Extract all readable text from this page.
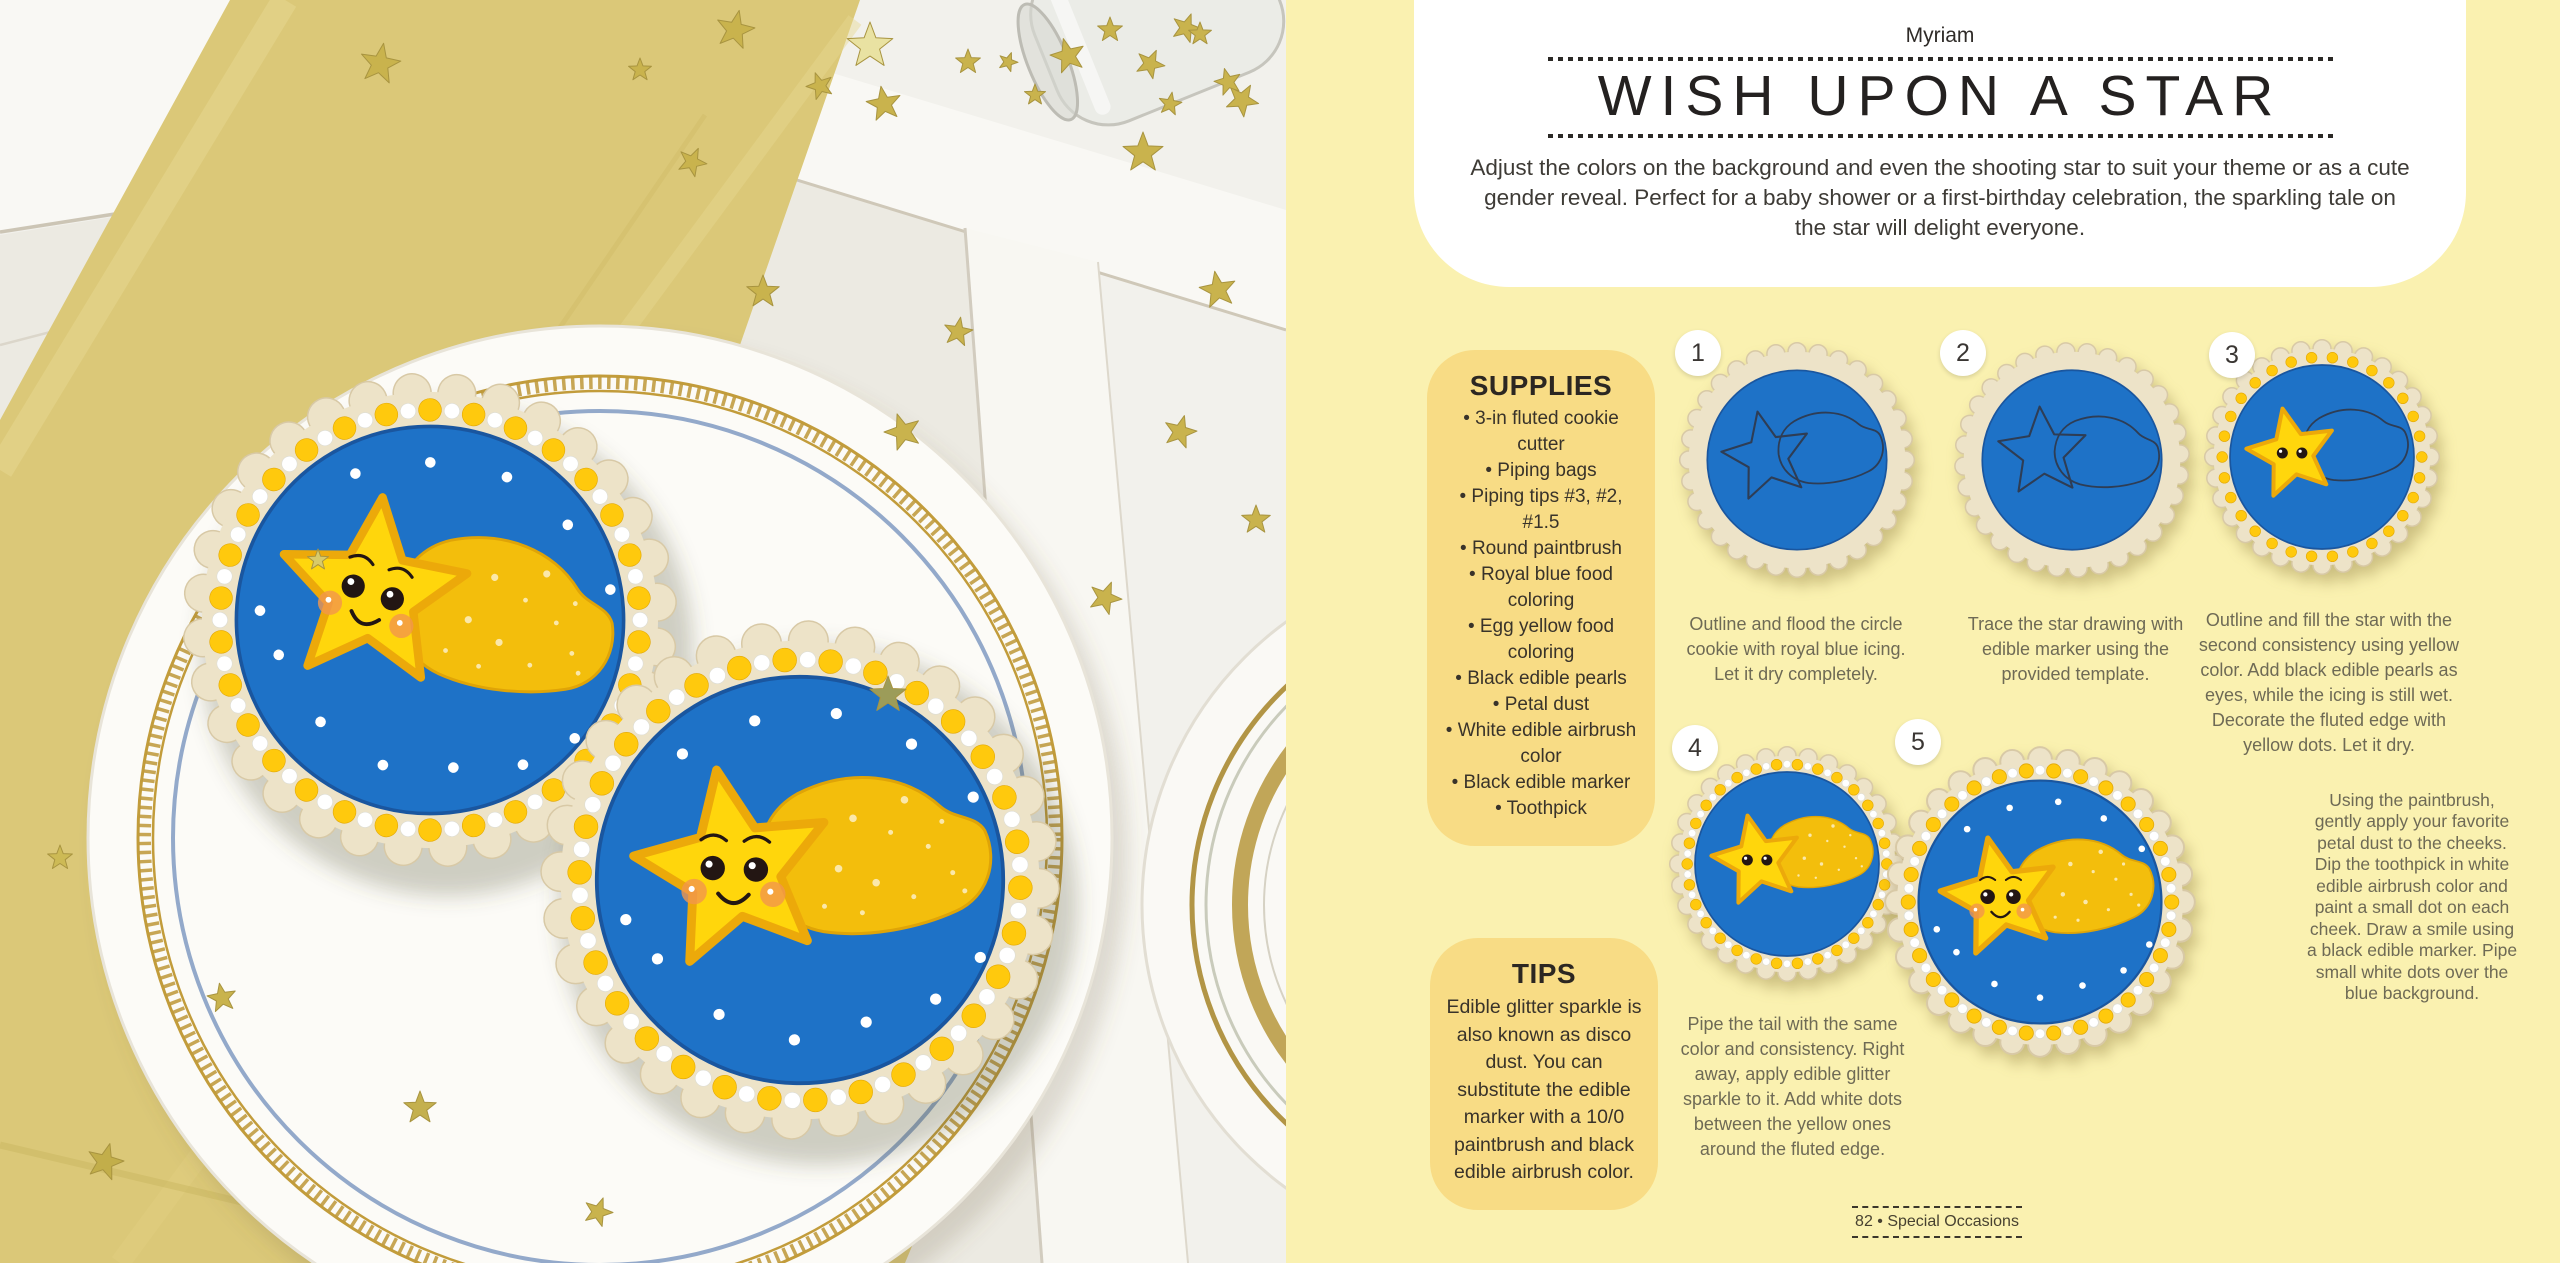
Myriam
WISH UPON A STAR

Adjust the colors on the background and even the shooting star to suit your theme or as a cute gender reveal. Perfect for a baby shower or a first-birthday celebration, the sparkling tale on the star will delight everyone.

SUPPLIES
• 3-in fluted cookie cutter
• Piping bags
• Piping tips #3, #2, #1.5
• Round paintbrush
• Royal blue food coloring
• Egg yellow food coloring
• Black edible pearls
• Petal dust
• White edible airbrush color
• Black edible marker
• Toothpick
TIPS

Edible glitter sparkle is also known as disco dust. You can substitute the edible marker with a 10/0 paintbrush and black edible airbrush color.

1	2	3
4	5

Outline and flood the circle cookie with royal blue icing. Let it dry completely.

Trace the star drawing with edible marker using the provided template.

Outline and fill the star with the second consistency using yellow color. Add black edible pearls as eyes, while the icing is still wet. Decorate the fluted edge with yellow dots. Let it dry.

Pipe the tail with the same color and consistency. Right away, apply edible glitter sparkle to it. Add white dots between the yellow ones around the fluted edge.

Using the paintbrush, gently apply your favorite petal dust to the cheeks. Dip the toothpick in white edible airbrush color and paint a small dot on each cheek. Draw a smile using a black edible marker. Pipe small white dots over the blue background.

82 • Special Occasions
